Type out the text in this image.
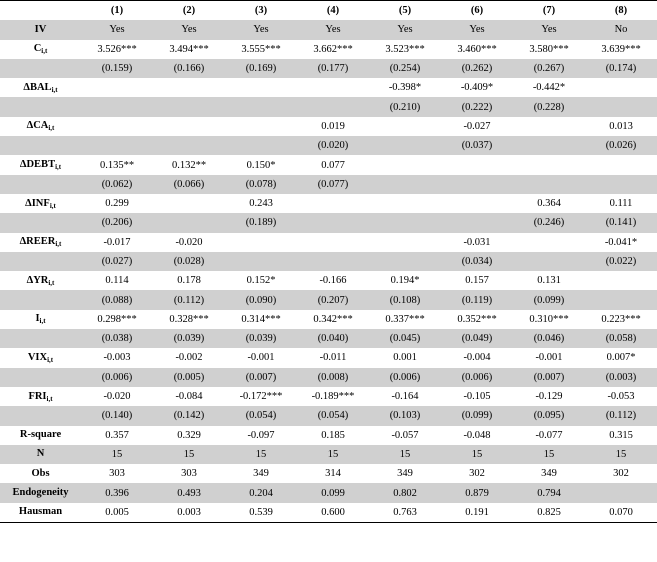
	(1)	(2)	(3)	(4)	(5)	(6)	(7)	(8)
IV	Yes	Yes	Yes	Yes	Yes	Yes	Yes	No
$C_{i,t}$	3.526***	3.494***	3.555***	3.662***	3.523***	3.460***	3.580***	3.639***
	(0.159)	(0.166)	(0.169)	(0.177)	(0.254)	(0.262)	(0.267)	(0.174)
$\Delta BAL_{i,t}$					-0.398*	-0.409*	-0.442*	
					(0.210)	(0.222)	(0.228)	
$\Delta CA_{i,t}$				0.019		-0.027		0.013
				(0.020)		(0.037)		(0.026)
$\Delta DEBT_{i,t}$	0.135**	0.132**	0.150*	0.077				
	(0.062)	(0.066)	(0.078)	(0.077)				
$\Delta INF_{i,t}$	0.299		0.243				0.364	0.111
	(0.206)		(0.189)				(0.246)	(0.141)
$\Delta REER_{i,t}$	-0.017	-0.020				-0.031		-0.041*
	(0.027)	(0.028)				(0.034)		(0.022)
$\Delta YR_{i,t}$	0.114	0.178	0.152*	-0.166	0.194*	0.157	0.131	
	(0.088)	(0.112)	(0.090)	(0.207)	(0.108)	(0.119)	(0.099)	
$I_{i,t}$	0.298***	0.328***	0.314***	0.342***	0.337***	0.352***	0.310***	0.223***
	(0.038)	(0.039)	(0.039)	(0.040)	(0.045)	(0.049)	(0.046)	(0.058)
$VIX_{i,t}$	-0.003	-0.002	-0.001	-0.011	0.001	-0.004	-0.001	0.007*
	(0.006)	(0.005)	(0.007)	(0.008)	(0.006)	(0.006)	(0.007)	(0.003)
$FRI_{i,t}$	-0.020	-0.084	-0.172***	-0.189***	-0.164	-0.105	-0.129	-0.053
	(0.140)	(0.142)	(0.054)	(0.054)	(0.103)	(0.099)	(0.095)	(0.112)
R-square	0.357	0.329	-0.097	0.185	-0.057	-0.048	-0.077	0.315
N	15	15	15	15	15	15	15	15
Obs	303	303	349	314	349	302	349	302
Endogeneity	0.396	0.493	0.204	0.099	0.802	0.879	0.794	
Hausman	0.005	0.003	0.539	0.600	0.763	0.191	0.825	0.070
